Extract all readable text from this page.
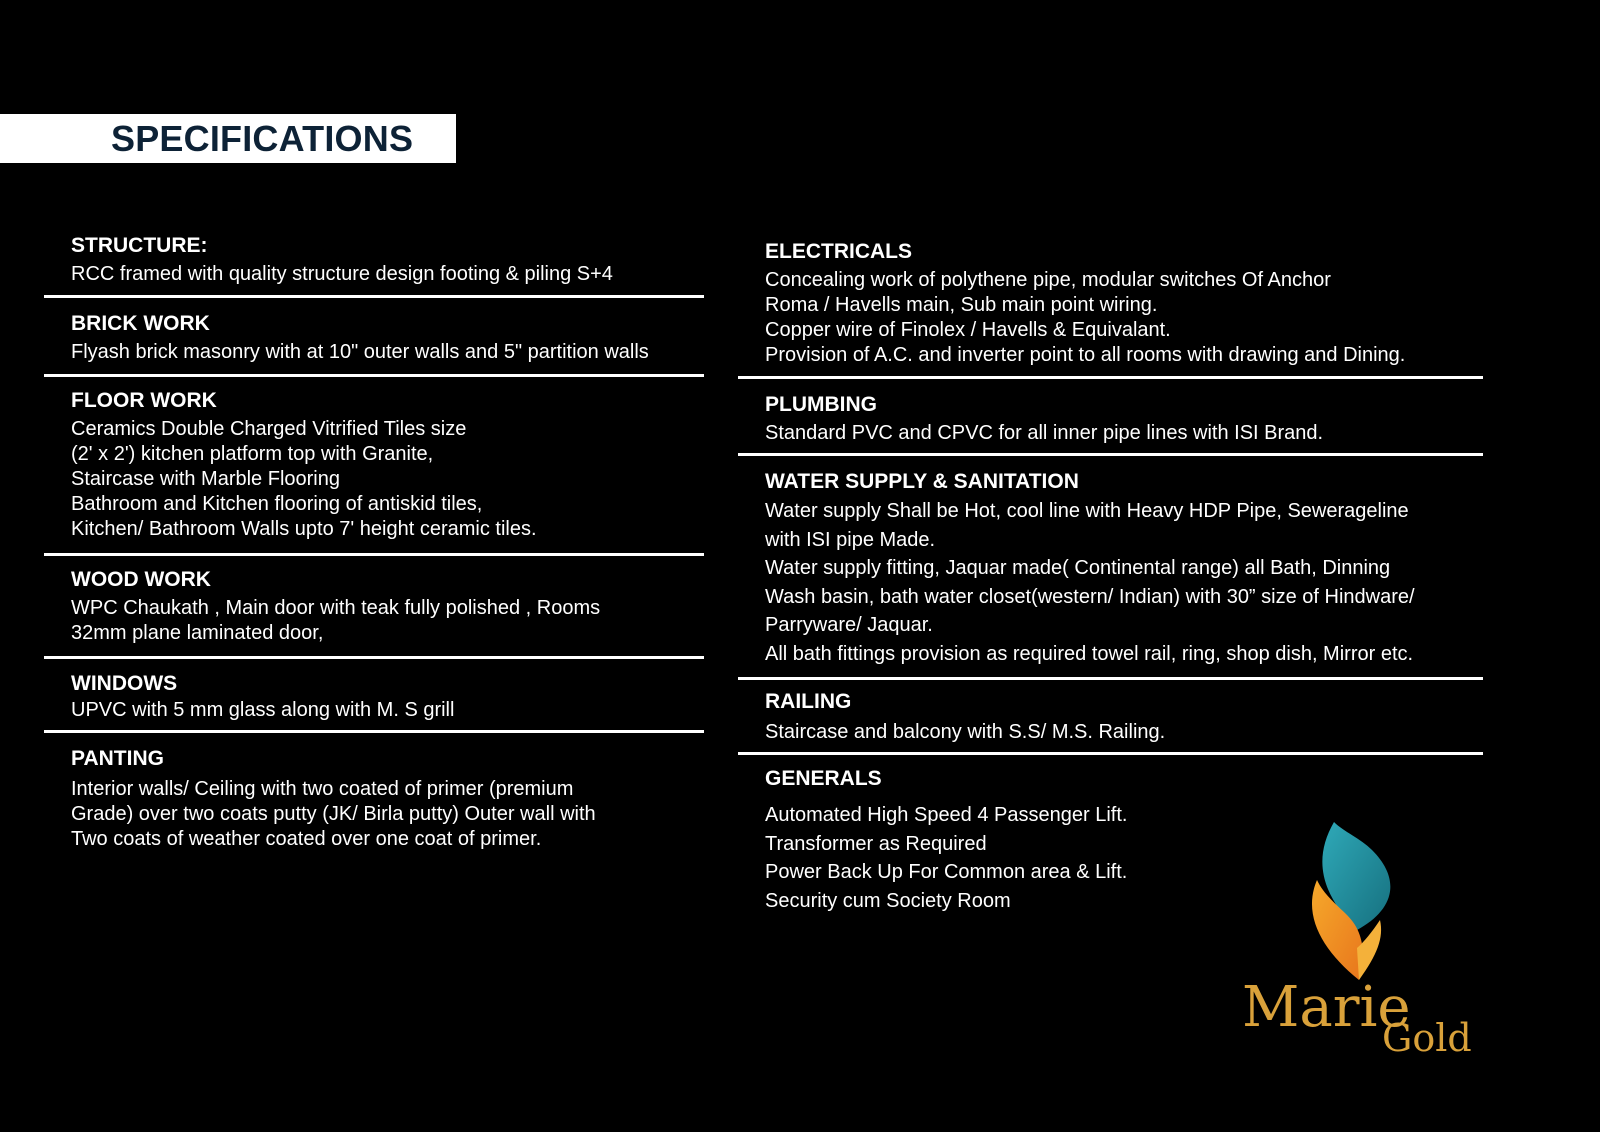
SPECIFICATIONS
STRUCTURE:
RCC framed with quality structure design footing & piling S+4
BRICK WORK
Flyash brick masonry with at 10" outer walls and 5" partition walls
FLOOR WORK
Ceramics Double Charged Vitrified Tiles size
(2' x 2') kitchen platform top with Granite,
Staircase with Marble Flooring
Bathroom and Kitchen flooring of antiskid tiles,
Kitchen/ Bathroom Walls upto 7' height ceramic tiles.
WOOD WORK
WPC Chaukath , Main door with teak fully polished , Rooms
32mm plane laminated door,
WINDOWS
UPVC with 5 mm glass along with M. S grill
PANTING
Interior walls/ Ceiling with two coated of primer (premium
Grade) over two coats putty (JK/ Birla putty) Outer wall with
Two coats of weather coated over one coat of primer.
ELECTRICALS
Concealing work of polythene pipe, modular switches Of Anchor
Roma / Havells main, Sub main point wiring.
Copper wire of Finolex / Havells & Equivalant.
Provision of A.C. and inverter point to all rooms with drawing and Dining.
PLUMBING
Standard PVC and CPVC for all inner pipe lines with ISI Brand.
WATER SUPPLY & SANITATION
Water supply Shall be Hot, cool line with Heavy HDP Pipe, Sewerageline
with ISI pipe Made.
Water supply fitting, Jaquar made( Continental range) all Bath, Dinning
Wash basin, bath water closet(western/ Indian) with 30” size of Hindware/
Parryware/ Jaquar.
All bath fittings provision as required towel rail, ring, shop dish, Mirror etc.
RAILING
Staircase and balcony with S.S/ M.S. Railing.
GENERALS
Automated High Speed 4 Passenger Lift.
Transformer as Required
Power Back Up For Common area & Lift.
Security cum Society Room
Marie
Gold
